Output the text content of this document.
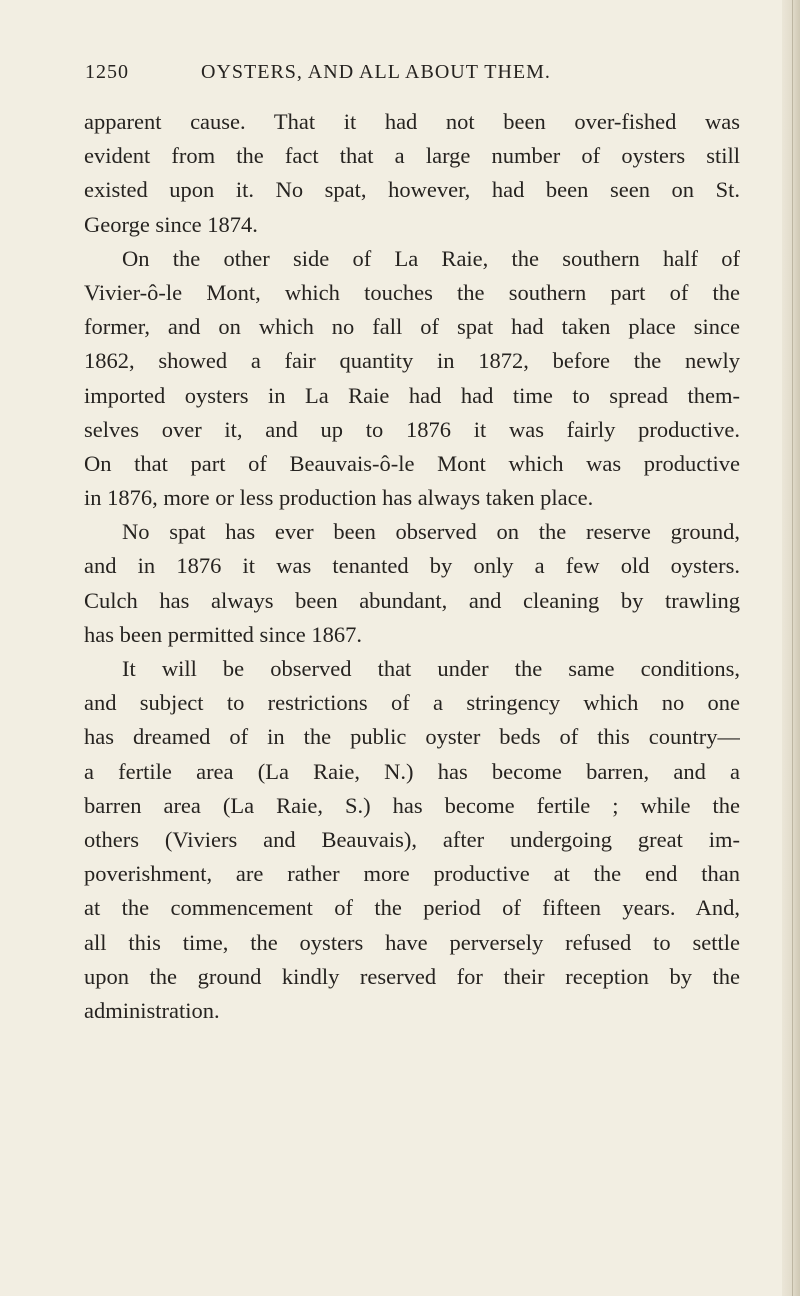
1250	OYSTERS, AND ALL ABOUT THEM.
apparent cause. That it had not been over-fished was
evident from the fact that a large number of oysters still
existed upon it. No spat, however, had been seen on St.
George since 1874.
On the other side of La Raie, the southern half of
Vivier-ô-le Mont, which touches the southern part of the
former, and on which no fall of spat had taken place since
1862, showed a fair quantity in 1872, before the newly
imported oysters in La Raie had had time to spread them-
selves over it, and up to 1876 it was fairly productive.
On that part of Beauvais-ô-le Mont which was productive
in 1876, more or less production has always taken place.
No spat has ever been observed on the reserve ground,
and in 1876 it was tenanted by only a few old oysters.
Culch has always been abundant, and cleaning by trawling
has been permitted since 1867.
It will be observed that under the same conditions,
and subject to restrictions of a stringency which no one
has dreamed of in the public oyster beds of this country—
a fertile area (La Raie, N.) has become barren, and a
barren area (La Raie, S.) has become fertile ; while the
others (Viviers and Beauvais), after undergoing great im-
poverishment, are rather more productive at the end than
at the commencement of the period of fifteen years. And,
all this time, the oysters have perversely refused to settle
upon the ground kindly reserved for their reception by the
administration.
